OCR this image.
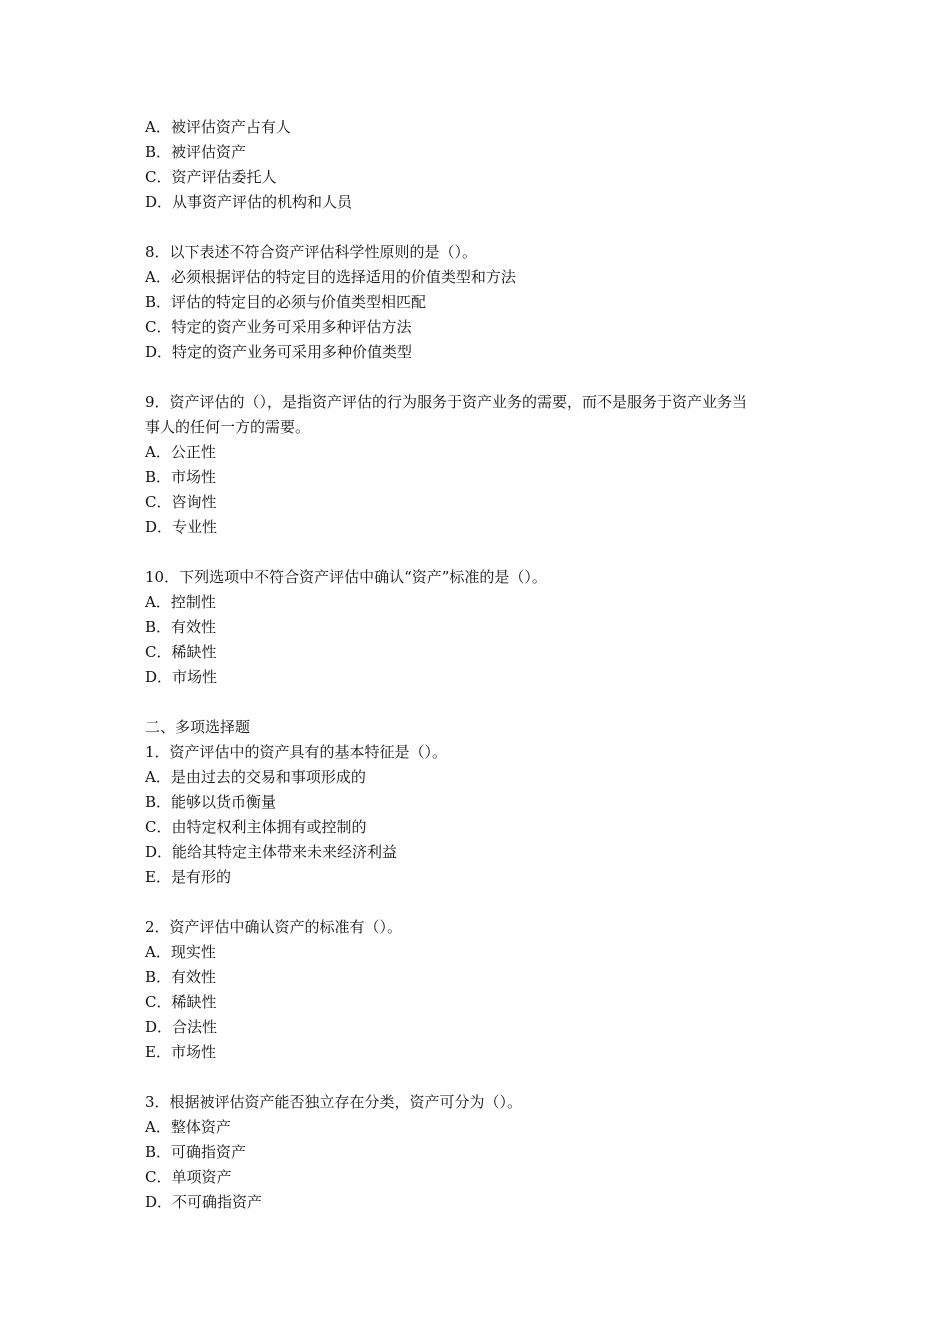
A．被评估资产占有人
B．被评估资产
C．资产评估委托人
D．从事资产评估的机构和人员
8．以下表述不符合资产评估科学性原则的是（）。
A．必须根据评估的特定目的选择适用的价值类型和方法
B．评估的特定目的必须与价值类型相匹配
C．特定的资产业务可采用多种评估方法
D．特定的资产业务可采用多种价值类型
9．资产评估的（），是指资产评估的行为服务于资产业务的需要，而不是服务于资产业务当
事人的任何一方的需要。
A．公正性
B．市场性
C．咨询性
D．专业性
10．下列选项中不符合资产评估中确认“资产”标准的是（）。
A．控制性
B．有效性
C．稀缺性
D．市场性
二、多项选择题
1．资产评估中的资产具有的基本特征是（）。
A．是由过去的交易和事项形成的
B．能够以货币衡量
C．由特定权利主体拥有或控制的
D．能给其特定主体带来未来经济利益
E．是有形的
2．资产评估中确认资产的标准有（）。
A．现实性
B．有效性
C．稀缺性
D．合法性
E．市场性
3．根据被评估资产能否独立存在分类，资产可分为（）。
A．整体资产
B．可确指资产
C．单项资产
D．不可确指资产
